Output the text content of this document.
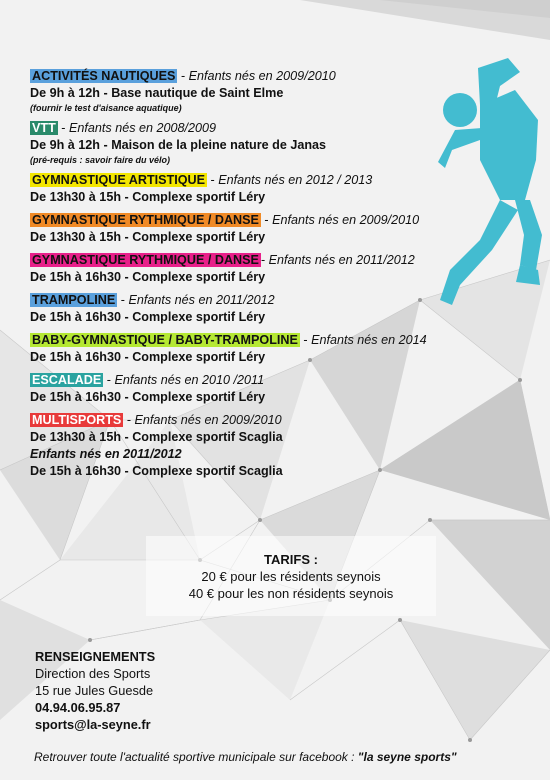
ACTIVITÉS NAUTIQUES - Enfants nés en 2009/2010
De 9h à 12h - Base nautique de Saint Elme
(fournir le test d'aisance aquatique)
VTT - Enfants nés en 2008/2009
De 9h à 12h - Maison de la pleine nature de Janas
(pré-requis : savoir faire du vélo)
GYMNASTIQUE ARTISTIQUE - Enfants nés en 2012 / 2013
De 13h30 à 15h - Complexe sportif Léry
GYMNASTIQUE RYTHMIQUE / DANSE - Enfants nés en 2009/2010
De 13h30 à 15h - Complexe sportif Léry
GYMNASTIQUE RYTHMIQUE / DANSE - Enfants nés en 2011/2012
De 15h à 16h30 - Complexe sportif Léry
TRAMPOLINE - Enfants nés en 2011/2012
De 15h à 16h30 - Complexe sportif Léry
BABY-GYMNASTIQUE / BABY-TRAMPOLINE - Enfants nés en 2014
De 15h à 16h30 - Complexe sportif Léry
ESCALADE - Enfants nés en 2010 /2011
De 15h à 16h30 - Complexe sportif Léry
MULTISPORTS - Enfants nés en 2009/2010
De 13h30 à 15h - Complexe sportif Scaglia
Enfants nés en 2011/2012
De 15h à 16h30 - Complexe sportif Scaglia
TARIFS :
20 € pour les résidents seynois
40 € pour les non résidents seynois
RENSEIGNEMENTS
Direction des Sports
15 rue Jules Guesde
04.94.06.95.87
sports@la-seyne.fr
Retrouver toute l'actualité sportive municipale sur facebook : "la seyne sports"
